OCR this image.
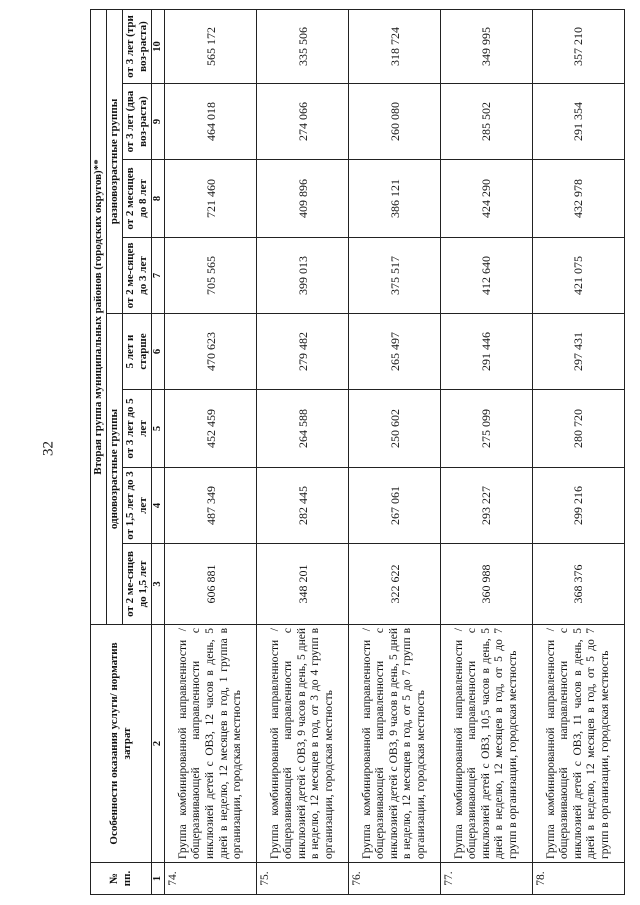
32
№ пп.	Особенности оказания услуги/ норматив затрат	Вторая группа муниципальных районов (городских округов)**							
		одновозрастные группы				разновозрастные группы			
		от 2 ме-сяцев до 1,5 лет	от 1,5 лет до 3 лет	от 3 лет до 5 лет	5 лет и старше	от 2 ме-сяцев до 3 лет	от 2 месяцев до 8 лет	от 3 лет (два воз-раста)	от 3 лет (три воз-раста)
1	2	3	4	5	6	7	8	9	10
74.	Группа комбинированной направленности / общеразвивающей направленности с инклюзией детей с ОВЗ, 12 часов в день, 5 дней в неделю, 12 месяцев в год, 1 группа в организации, городская местность	606 881	487 349	452 459	470 623	705 565	721 460	464 018	565 172
75.	Группа комбинированной направленности / общеразвивающей направленности с инклюзией детей с ОВЗ, 9 часов в день, 5 дней в неделю, 12 месяцев в год, от 3 до 4 групп в организации, городская местность	348 201	282 445	264 588	279 482	399 013	409 896	274 066	335 506
76.	Группа комбинированной направленности / общеразвивающей направленности с инклюзией детей с ОВЗ, 9 часов в день, 5 дней в неделю, 12 месяцев в год, от 5 до 7 групп в организации, городская местность	322 622	267 061	250 602	265 497	375 517	386 121	260 080	318 724
77.	Группа комбинированной направленности / общеразвивающей направленности с инклюзией детей с ОВЗ, 10,5 часов в день, 5 дней в неделю, 12 месяцев в год, от 5 до 7 групп в организации, городская местность	360 988	293 227	275 099	291 446	412 640	424 290	285 502	349 995
78.	Группа комбинированной направленности / общеразвивающей направленности с инклюзией детей с ОВЗ, 11 часов в день, 5 дней в неделю, 12 месяцев в год, от 5 до 7 групп в организации, городская местность	368 376	299 216	280 720	297 431	421 075	432 978	291 354	357 210
